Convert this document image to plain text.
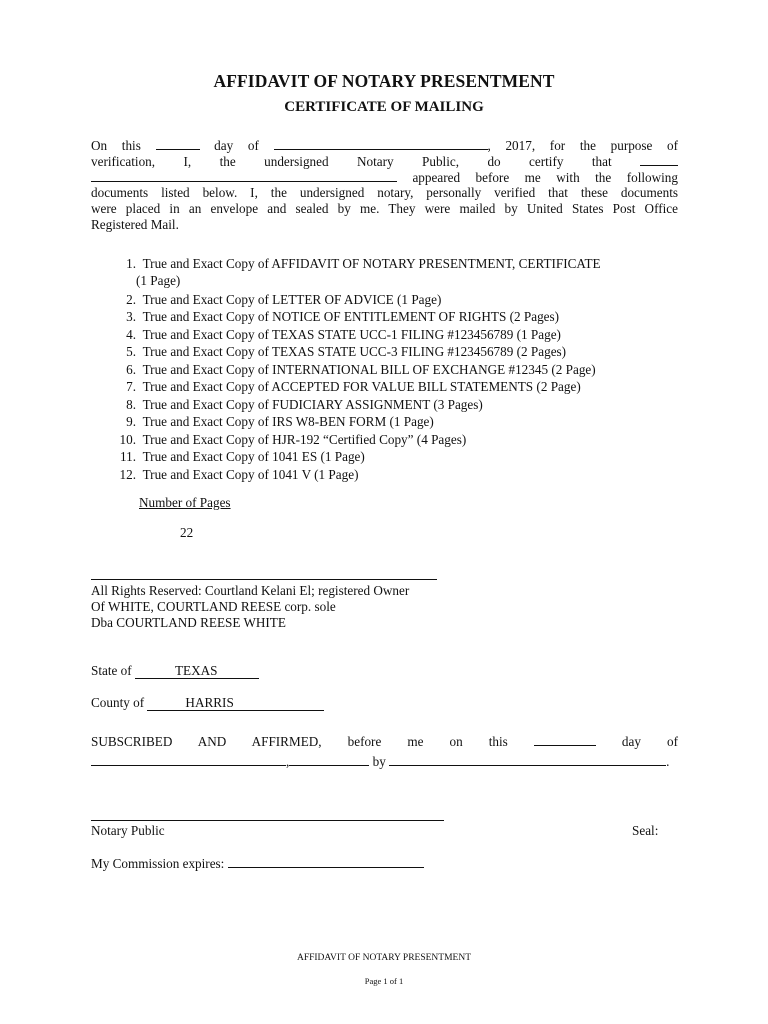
AFFIDAVIT OF NOTARY PRESENTMENT
CERTIFICATE OF MAILING
On this	day of	, 2017, for the purpose of
verification, I, the undersigned Notary Public, do certify that
appeared before me with the following
documents listed below. I, the undersigned notary, personally verified that these documents
were placed in an envelope and sealed by me. They were mailed by United States Post Office
Registered Mail.
1. True and Exact Copy of AFFIDAVIT OF NOTARY PRESENTMENT, CERTIFICATE
(1 Page)
2. True and Exact Copy of LETTER OF ADVICE (1 Page)
3. True and Exact Copy of NOTICE OF ENTITLEMENT OF RIGHTS (2 Pages)
4. True and Exact Copy of TEXAS STATE UCC-1 FILING #123456789 (1 Page)
5. True and Exact Copy of TEXAS STATE UCC-3 FILING #123456789 (2 Pages)
6. True and Exact Copy of INTERNATIONAL BILL OF EXCHANGE #12345 (2 Page)
7. True and Exact Copy of ACCEPTED FOR VALUE BILL STATEMENTS (2 Page)
8. True and Exact Copy of FUDICIARY ASSIGNMENT (3 Pages)
9. True and Exact Copy of IRS W8-BEN FORM (1 Page)
10. True and Exact Copy of HJR-192 “Certified Copy” (4 Pages)
11. True and Exact Copy of 1041 ES (1 Page)
12. True and Exact Copy of 1041 V (1 Page)
Number of Pages
22
All Rights Reserved: Courtland Kelani El; registered Owner
Of WHITE, COURTLAND REESE corp. sole
Dba COURTLAND REESE WHITE
State of	TEXAS
County of	HARRIS
SUBSCRIBED AND AFFIRMED, before me on this	day of
,	by	.
Notary Public	Seal:
My Commission expires:
AFFIDAVIT OF NOTARY PRESENTMENT
Page 1 of 1
